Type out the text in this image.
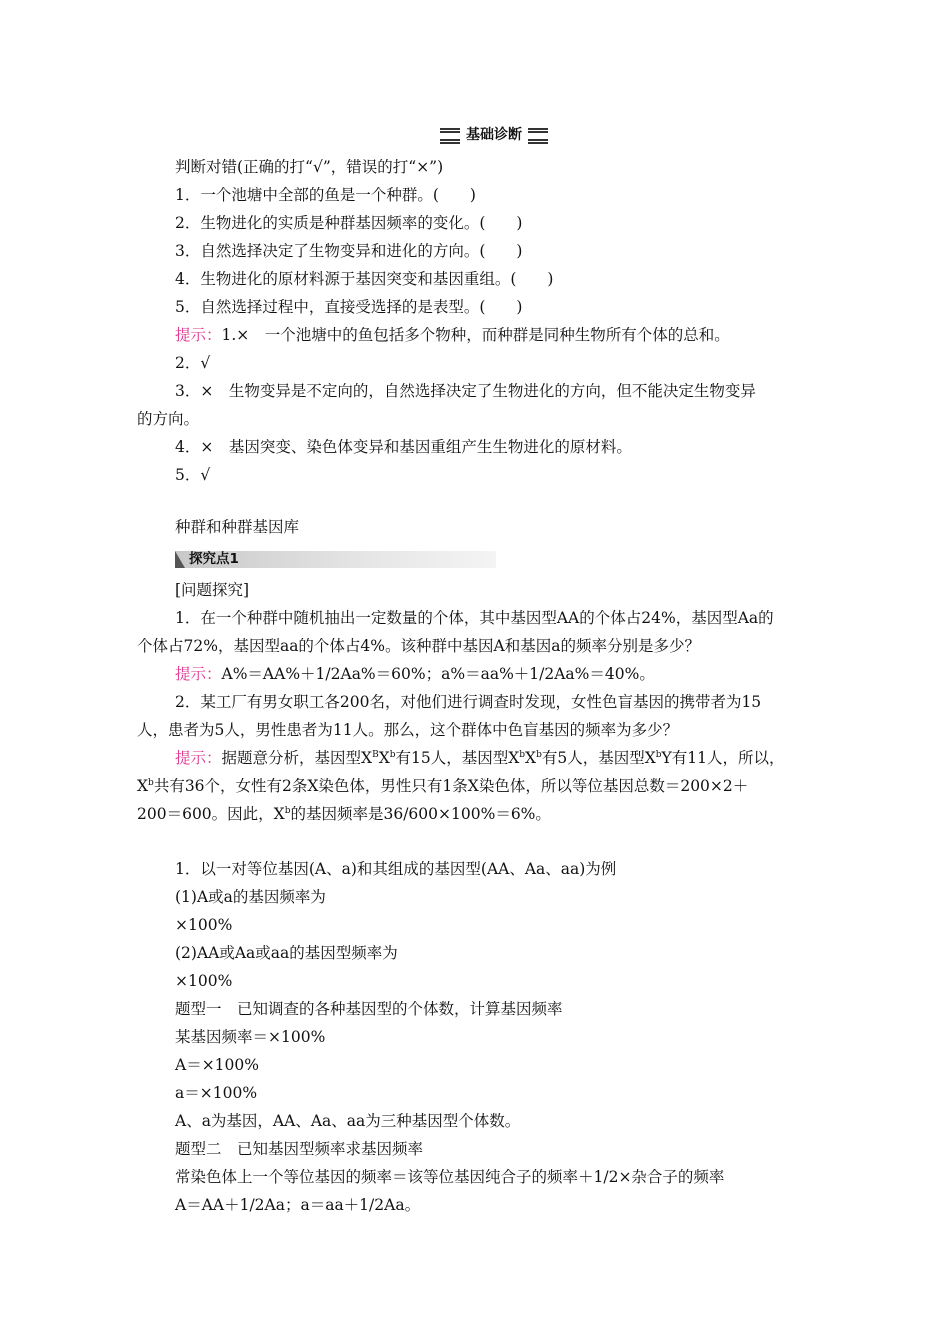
基础诊断
判断对错(正确的打“√”，错误的打“×”)
1．一个池塘中全部的鱼是一个种群。(　　)
2．生物进化的实质是种群基因频率的变化。(　　)
3．自然选择决定了生物变异和进化的方向。(　　)
4．生物进化的原材料源于基因突变和基因重组。(　　)
5．自然选择过程中，直接受选择的是表型。(　　)
提示：1.×　一个池塘中的鱼包括多个物种，而种群是同种生物所有个体的总和。
2．√
3．×　生物变异是不定向的，自然选择决定了生物进化的方向，但不能决定生物变异
的方向。
4．×　基因突变、染色体变异和基因重组产生生物进化的原材料。
5．√
种群和种群基因库
探究点1
[问题探究]
1．在一个种群中随机抽出一定数量的个体，其中基因型AA的个体占24%，基因型Aa的
个体占72%，基因型aa的个体占4%。该种群中基因A和基因a的频率分别是多少？
提示：A%＝AA%＋1/2Aa%＝60%；a%＝aa%＋1/2Aa%＝40%。
2．某工厂有男女职工各200名，对他们进行调查时发现，女性色盲基因的携带者为15
人，患者为5人，男性患者为11人。那么，这个群体中色盲基因的频率为多少？
提示：据题意分析，基因型$X^BX^b$有15人，基因型$X^bX^b$有5人，基因型$X^bY$有11人，所以，
$X^b$共有36个，女性有2条X染色体，男性只有1条X染色体，所以等位基因总数＝200×2＋
200＝600。因此，$X^b$的基因频率是36/600×100%＝6%。
1．以一对等位基因(A、a)和其组成的基因型(AA、Aa、aa)为例
(1)A或a的基因频率为
×100%
(2)AA或Aa或aa的基因型频率为
×100%
题型一　已知调查的各种基因型的个体数，计算基因频率
某基因频率＝×100%
A＝×100%
a＝×100%
A、a为基因，AA、Aa、aa为三种基因型个体数。
题型二　已知基因型频率求基因频率
常染色体上一个等位基因的频率＝该等位基因纯合子的频率＋1/2×杂合子的频率
A＝AA＋1/2Aa；a＝aa＋1/2Aa。
